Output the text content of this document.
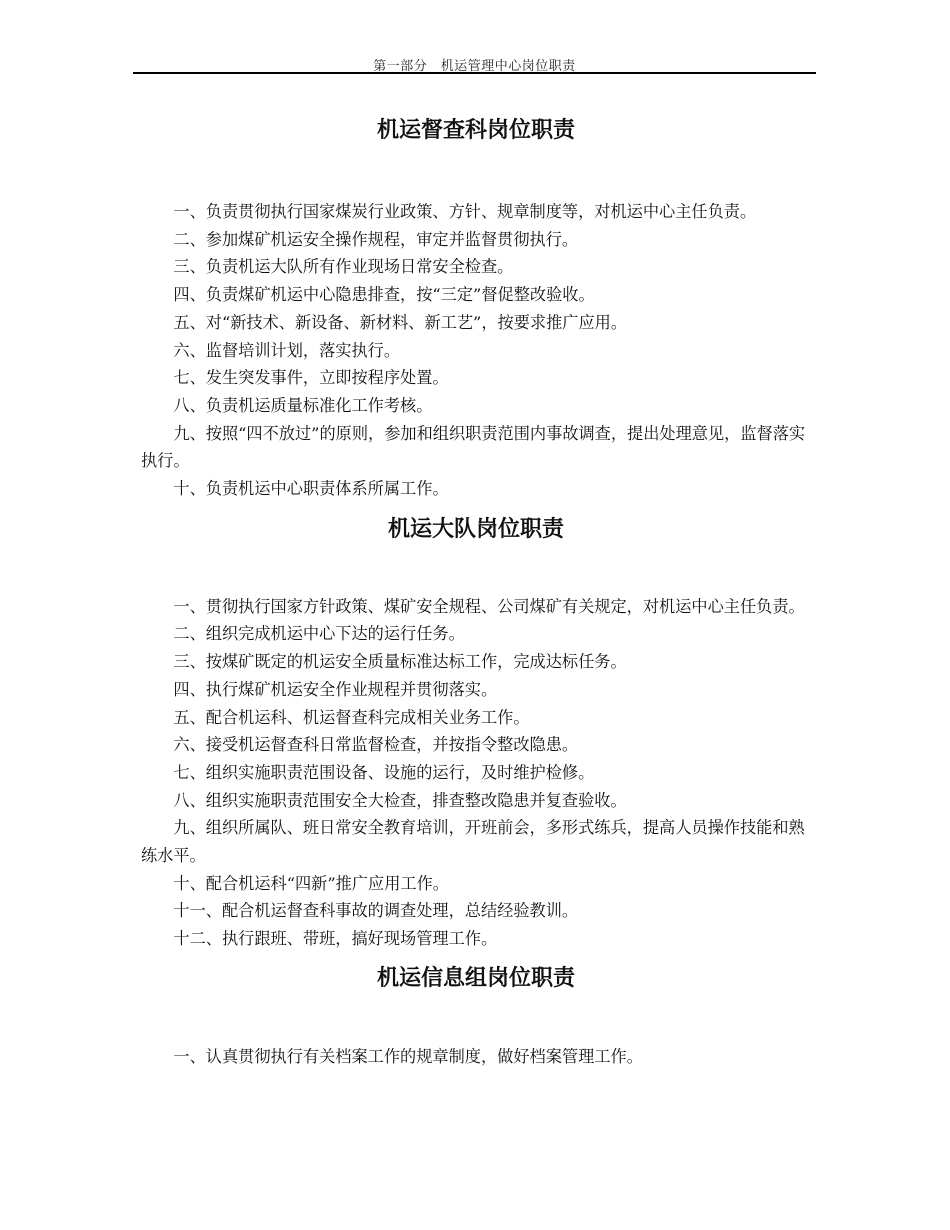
第一部分　机运管理中心岗位职责
机运督查科岗位职责

一、负责贯彻执行国家煤炭行业政策、方针、规章制度等，对机运中心主任负责。

二、参加煤矿机运安全操作规程，审定并监督贯彻执行。

三、负责机运大队所有作业现场日常安全检查。

四、负责煤矿机运中心隐患排查，按“三定”督促整改验收。

五、对“新技术、新设备、新材料、新工艺”，按要求推广应用。

六、监督培训计划，落实执行。

七、发生突发事件，立即按程序处置。

八、负责机运质量标准化工作考核。

九、按照“四不放过”的原则，参加和组织职责范围内事故调查，提出处理意见，监督落实执行。

十、负责机运中心职责体系所属工作。

机运大队岗位职责

一、贯彻执行国家方针政策、煤矿安全规程、公司煤矿有关规定，对机运中心主任负责。

二、组织完成机运中心下达的运行任务。

三、按煤矿既定的机运安全质量标准达标工作，完成达标任务。

四、执行煤矿机运安全作业规程并贯彻落实。

五、配合机运科、机运督查科完成相关业务工作。

六、接受机运督查科日常监督检查，并按指令整改隐患。

七、组织实施职责范围设备、设施的运行，及时维护检修。

八、组织实施职责范围安全大检查，排查整改隐患并复查验收。

九、组织所属队、班日常安全教育培训，开班前会，多形式练兵，提高人员操作技能和熟练水平。

十、配合机运科“四新”推广应用工作。

十一、配合机运督查科事故的调查处理，总结经验教训。

十二、执行跟班、带班，搞好现场管理工作。

机运信息组岗位职责

一、认真贯彻执行有关档案工作的规章制度，做好档案管理工作。
